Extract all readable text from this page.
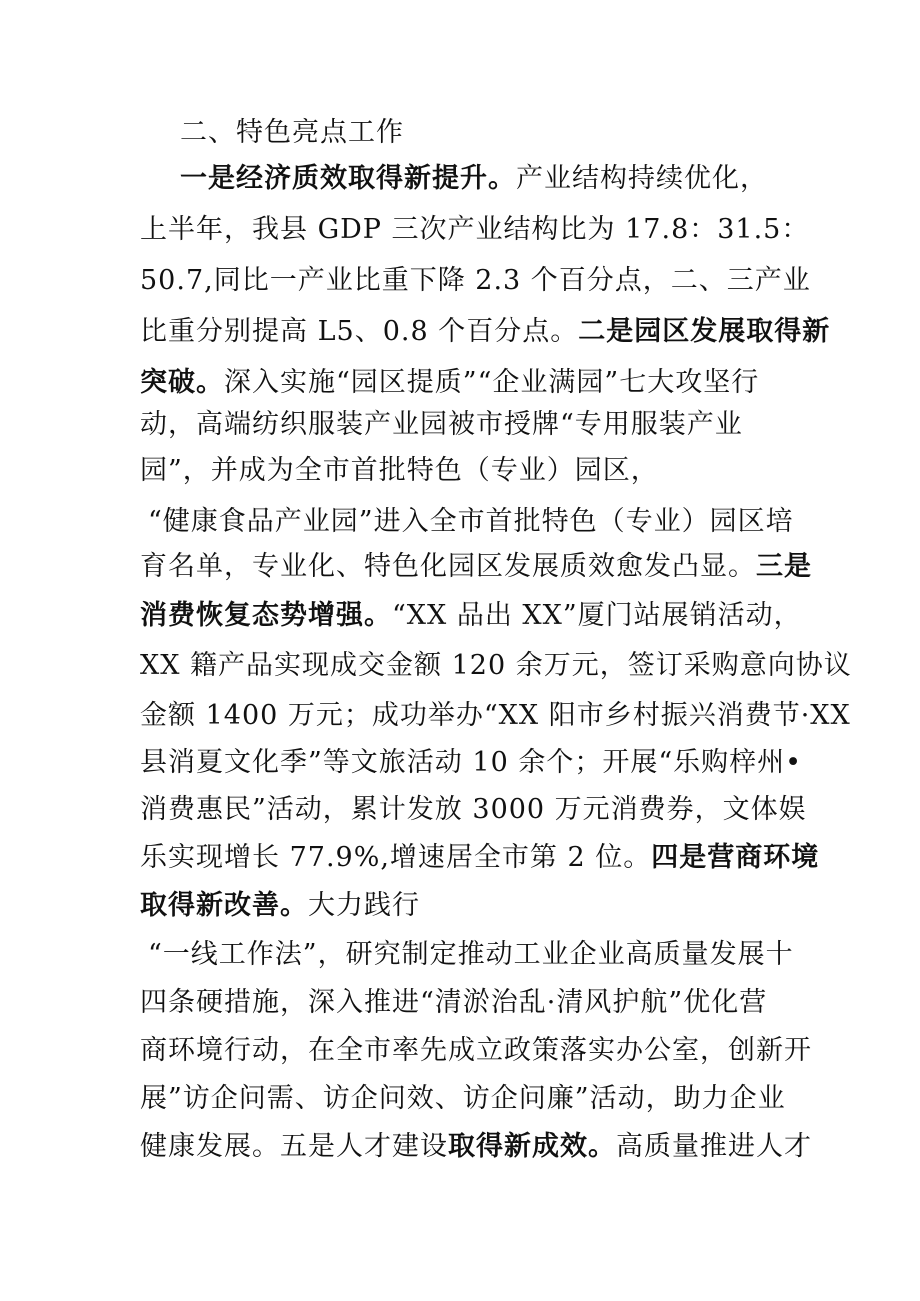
二、特色亮点工作
一是经济质效取得新提升。产业结构持续优化，
上半年，我县 GDP 三次产业结构比为 17.8：31.5：
50.7,同比一产业比重下降 2.3 个百分点，二、三产业
比重分别提高 L5、0.8 个百分点。二是园区发展取得新
突破。深入实施“园区提质”“企业满园”七大攻坚行
动，高端纺织服装产业园被市授牌“专用服装产业
园”，并成为全市首批特色（专业）园区，
“健康食品产业园”进入全市首批特色（专业）园区培
育名单，专业化、特色化园区发展质效愈发凸显。三是
消费恢复态势增强。“XX 品出 XX”厦门站展销活动，
XX 籍产品实现成交金额 120 余万元，签订采购意向协议
金额 1400 万元；成功举办“XX 阳市乡村振兴消费节·XX
县消夏文化季”等文旅活动 10 余个；开展“乐购梓州•
消费惠民”活动，累计发放 3000 万元消费券，文体娱
乐实现增长 77.9%,增速居全市第 2 位。四是营商环境
取得新改善。大力践行
“一线工作法”，研究制定推动工业企业高质量发展十
四条硬措施，深入推进“清淤治乱·清风护航”优化营
商环境行动，在全市率先成立政策落实办公室，创新开
展”访企问需、访企问效、访企问廉”活动，助力企业
健康发展。五是人才建设取得新成效。高质量推进人才
